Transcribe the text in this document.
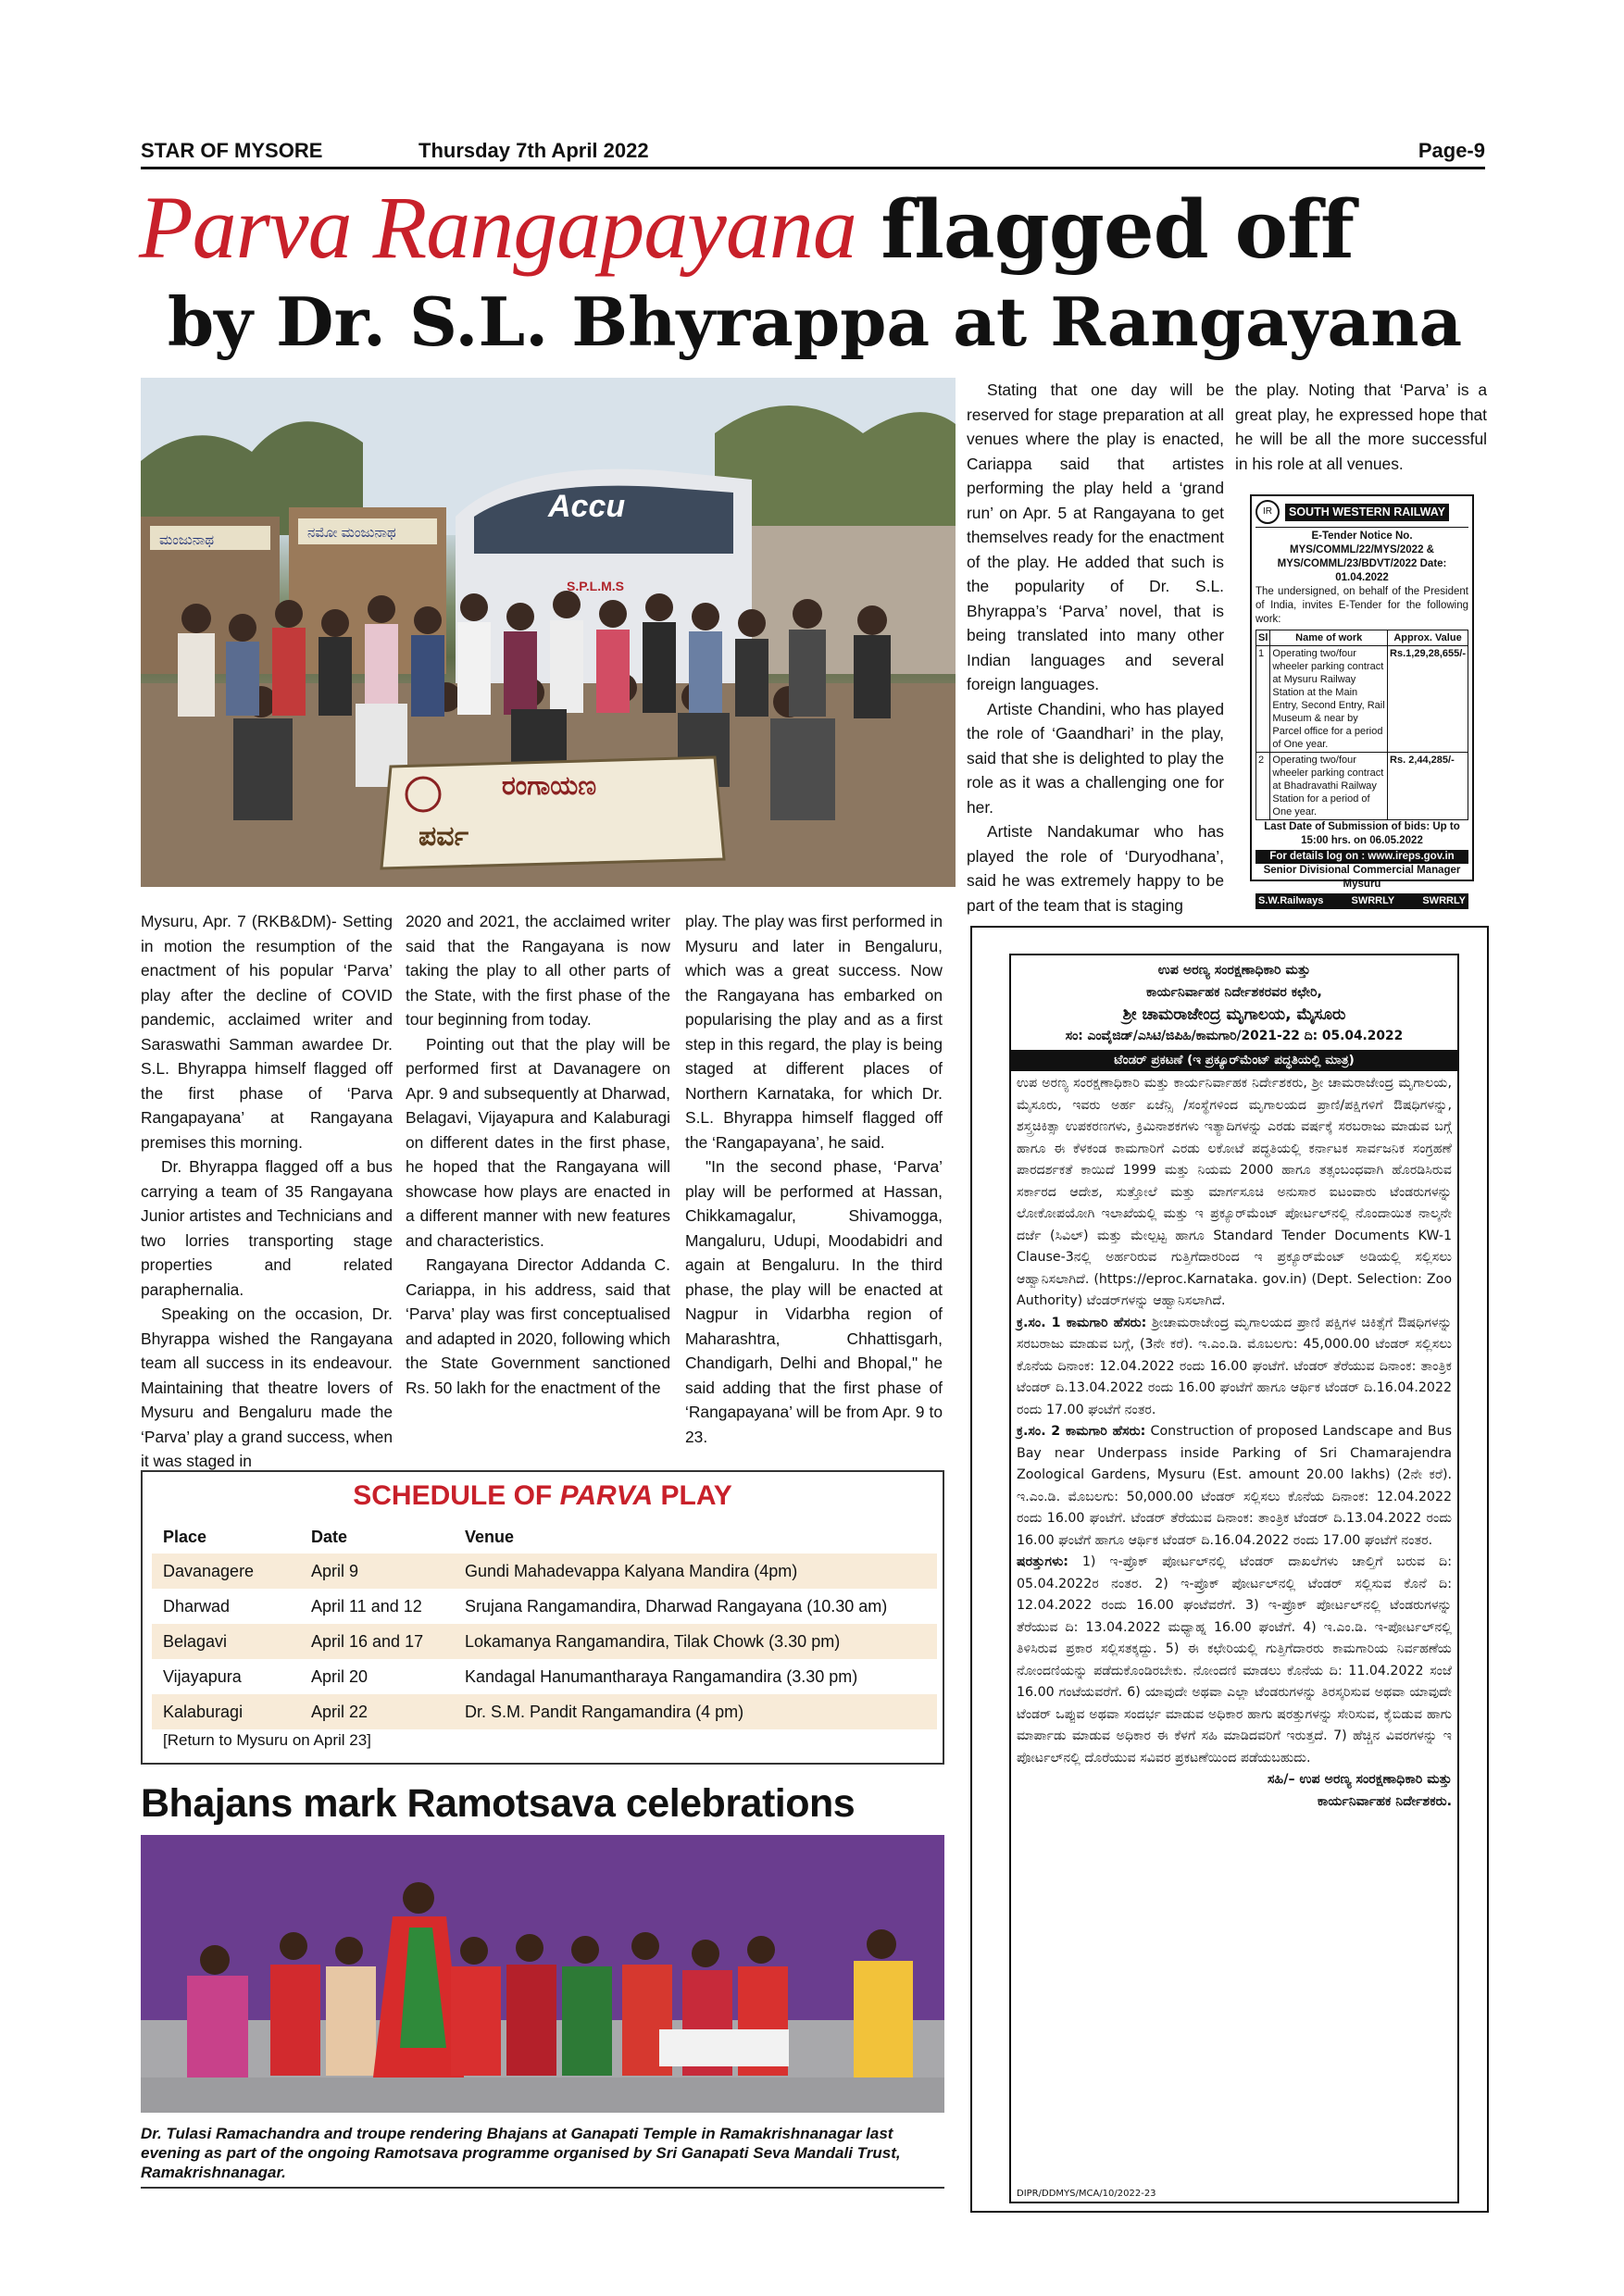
STAR OF MYSORE	Thursday 7th April 2022	Page-9
Parva Rangapayana flagged off
by Dr. S.L. Bhyrappa at Rangayana
ಮಂಜುನಾಥ	ನಮೋ ಮಂಜುನಾಥ
Accu
S.P.L.M.S
ರಂಗಾಯಣ
ಪರ್ವ

Mysuru, Apr. 7 (RKB&DM)- Setting in motion the resumption of the enactment of his popular ‘Parva’ play after the decline of COVID pandemic, acclaimed writer and Saraswathi Samman awardee Dr. S.L. Bhyrappa himself flagged off the first phase of ‘Parva Rangapayana’ at Rangayana premises this morning.

Dr. Bhyrappa flagged off a bus carrying a team of 35 Rangayana Junior artistes and Technicians and two lorries transporting stage properties and related paraphernalia.

Speaking on the occasion, Dr. Bhyrappa wished the Rangayana team all success in its endeavour. Maintaining that theatre lovers of Mysuru and Bengaluru made the ‘Parva’ play a grand success, when it was staged in

2020 and 2021, the acclaimed writer said that the Rangayana is now taking the play to all other parts of the State, with the first phase of the tour beginning from today.

Pointing out that the play will be performed first at Davanagere on Apr. 9 and subsequently at Dharwad, Belagavi, Vijayapura and Kalaburagi on different dates in the first phase, he hoped that the Rangayana will showcase how plays are enacted in a different manner with new features and characteristics.

Rangayana Director Addanda C. Cariappa, in his address, said that ‘Parva’ play was first conceptualised and adapted in 2020, following which the State Government sanctioned Rs. 50 lakh for the enactment of the

play. The play was first performed in Mysuru and later in Bengaluru, which was a great success. Now the Rangayana has embarked on popularising the play and as a first step in this regard, the play is being staged at different places of Northern Karnataka, for which Dr. S.L. Bhyrappa himself flagged off the ‘Rangapayana’, he said.

"In the second phase, ‘Parva’ play will be performed at Hassan, Chikkamagalur, Shivamogga, Mangaluru, Udupi, Moodabidri and again at Bengaluru. In the third phase, the play will be enacted at Nagpur in Vidarbha region of Maharashtra, Chhattisgarh, Chandigarh, Delhi and Bhopal," he said adding that the first phase of ‘Rangapayana’ will be from Apr. 9 to 23.

Stating that one day will be reserved for stage preparation at all venues where the play is enacted, Cariappa said that artistes performing the play held a ‘grand run’ on Apr. 5 at Rangayana to get themselves ready for the enactment of the play. He added that such is the popularity of Dr. S.L. Bhyrappa’s ‘Parva’ novel, that is being translated into many other Indian languages and several foreign languages.

Artiste Chandini, who has played the role of ‘Gaandhari’ in the play, said that she is delighted to play the role as it was a challenging one for her.

Artiste Nandakumar who has played the role of ‘Duryodhana’, said he was extremely happy to be part of the team that is staging

the play. Noting that ‘Parva’ is a great play, he expressed hope that he will be all the more successful in his role at all venues.

IR	SOUTH WESTERN RAILWAY
E-Tender Notice No. MYS/COMML/22/MYS/2022 & MYS/COMML/23/BDVT/2022 Date: 01.04.2022
The undersigned, on behalf of the President of India, invites E-Tender for the following work:
Sl	Name of work	Approx. Value
1	Operating two/four wheeler parking contract at Mysuru Railway Station at the Main Entry, Second Entry, Rail Museum & near by Parcel office for a period of One year.	Rs.1,29,28,655/-
2	Operating two/four wheeler parking contract at Bhadravathi Railway Station for a period of One year.	Rs. 2,44,285/-
Last Date of Submission of bids: Up to 15:00 hrs. on 06.05.2022
For details log on : www.ireps.gov.in
Senior Divisional Commercial Manager Mysuru
S.W.Railways	SWRRLY	SWRRLY
SCHEDULE OF PARVA PLAY
Place	Date	Venue
Davanagere	April 9	Gundi Mahadevappa Kalyana Mandira (4pm)
Dharwad	April 11 and 12	Srujana Rangamandira, Dharwad Rangayana (10.30 am)
Belagavi	April 16 and 17	Lokamanya Rangamandira, Tilak Chowk (3.30 pm)
Vijayapura	April 20	Kandagal Hanumantharaya Rangamandira (3.30 pm)
Kalaburagi	April 22	Dr. S.M. Pandit Rangamandira (4 pm)
[Return to Mysuru on April 23]
Bhajans mark Ramotsava celebrations
Dr. Tulasi Ramachandra and troupe rendering Bhajans at Ganapati Temple in Ramakrishnanagar last evening as part of the ongoing Ramotsava programme organised by Sri Ganapati Seva Mandali Trust, Ramakrishnanagar.
ಉಪ ಅರಣ್ಯ ಸಂರಕ್ಷಣಾಧಿಕಾರಿ ಮತ್ತು
ಕಾರ್ಯನಿರ್ವಾಹಕ ನಿರ್ದೇಶಕರವರ ಕಛೇರಿ,
ಶ್ರೀ ಚಾಮರಾಜೇಂದ್ರ ಮೃಗಾಲಯ, ಮೈಸೂರು
ಸಂ: ಎಂವೈಜಿಡ್/ಎಸಿಟಿ/ಜಿಪಿಹಿ/ಕಾಮಗಾರಿ/2021-22 ದಿ: 05.04.2022
ಟೆಂಡರ್ ಪ್ರಕಟಣೆ (ಇ ಪ್ರಕ್ಯೂರ್‌ಮೆಂಟ್ ಪದ್ಧತಿಯಲ್ಲಿ ಮಾತ್ರ)
ಉಪ ಅರಣ್ಯ ಸಂರಕ್ಷಣಾಧಿಕಾರಿ ಮತ್ತು ಕಾರ್ಯನಿರ್ವಾಹಕ ನಿರ್ದೇಶಕರು, ಶ್ರೀ ಚಾಮರಾಜೇಂದ್ರ ಮೃಗಾಲಯ, ಮೈಸೂರು, ಇವರು ಅರ್ಹ ಏಜೆನ್ಸಿ /ಸಂಸ್ಥೆಗಳಿಂದ ಮೃಗಾಲಯದ ಪ್ರಾಣಿ/ಪಕ್ಷಿಗಳಿಗೆ ಔಷಧಿಗಳನ್ನು, ಶಸ್ತ್ರಚಿಕಿತ್ಸಾ ಉಪಕರಣಗಳು, ಕ್ರಿಮಿನಾಶಕಗಳು ಇತ್ಯಾದಿಗಳನ್ನು ಎರಡು ವರ್ಷಕ್ಕೆ ಸರಬರಾಜು ಮಾಡುವ ಬಗ್ಗೆ ಹಾಗೂ ಈ ಕೆಳಕಂಡ ಕಾಮಗಾರಿಗೆ ಎರಡು ಲಕೋಟೆ ಪದ್ಧತಿಯಲ್ಲಿ ಕರ್ನಾಟಕ ಸಾರ್ವಜನಿಕ ಸಂಗ್ರಹಣೆ ಪಾರದರ್ಶಕತೆ ಕಾಯಿದೆ 1999 ಮತ್ತು ನಿಯಮ 2000 ಹಾಗೂ ತತ್ಸಂಬಂಧವಾಗಿ ಹೊರಡಿಸಿರುವ ಸರ್ಕಾರದ ಆದೇಶ, ಸುತ್ತೋಲೆ ಮತ್ತು ಮಾರ್ಗಸೂಚಿ ಅನುಸಾರ ಐಟಂವಾರು ಟೆಂಡರುಗಳನ್ನು ಲೋಕೋಪಯೋಗಿ ಇಲಾಖೆಯಲ್ಲಿ ಮತ್ತು ಇ ಪ್ರಕ್ಯೂರ್‌ಮೆಂಟ್ ಪೋರ್ಟಲ್‌ನಲ್ಲಿ ನೊಂದಾಯಿತ ನಾಲ್ಕನೇ ದರ್ಜೆ (ಸಿವಿಲ್) ಮತ್ತು ಮೇಲ್ಪಟ್ಟ ಹಾಗೂ Standard Tender Documents KW-1 Clause-3ನಲ್ಲಿ ಅರ್ಹರಿರುವ ಗುತ್ತಿಗೆದಾರರಿಂದ ಇ ಪ್ರಕ್ಯೂರ್‌ಮೆಂಟ್ ಅಡಿಯಲ್ಲಿ ಸಲ್ಲಿಸಲು ಆಹ್ವಾನಿಸಲಾಗಿದೆ. (https://eproc.Karnataka. gov.in) (Dept. Selection: Zoo Authority) ಟೆಂಡರ್‌ಗಳನ್ನು ಆಹ್ವಾನಿಸಲಾಗಿದೆ.
ಕ್ರ.ಸಂ. 1 ಕಾಮಗಾರಿ ಹೆಸರು: ಶ್ರೀಚಾಮರಾಜೇಂದ್ರ ಮೃಗಾಲಯದ ಪ್ರಾಣಿ ಪಕ್ಷಿಗಳ ಚಿಕಿತ್ಸೆಗೆ ಔಷಧಿಗಳನ್ನು ಸರಬರಾಜು ಮಾಡುವ ಬಗ್ಗೆ, (3ನೇ ಕರೆ). ಇ.ಎಂ.ಡಿ. ಮೊಬಲಗು: 45,000.00 ಟೆಂಡರ್ ಸಲ್ಲಿಸಲು ಕೊನೆಯ ದಿನಾಂಕ: 12.04.2022 ರಂದು 16.00 ಘಂಟೆಗೆ. ಟೆಂಡರ್ ತೆರೆಯುವ ದಿನಾಂಕ: ತಾಂತ್ರಿಕ ಟೆಂಡರ್ ದಿ.13.04.2022 ರಂದು 16.00 ಘಂಟೆಗೆ ಹಾಗೂ ಆರ್ಥಿಕ ಟೆಂಡರ್ ದಿ.16.04.2022 ರಂದು 17.00 ಘಂಟೆಗೆ ನಂತರ.
ಕ್ರ.ಸಂ. 2 ಕಾಮಗಾರಿ ಹೆಸರು: Construction of proposed Landscape and Bus Bay near Underpass inside Parking of Sri Chamarajendra Zoological Gardens, Mysuru (Est. amount 20.00 lakhs) (2ನೇ ಕರೆ). ಇ.ಎಂ.ಡಿ. ಮೊಬಲಗು: 50,000.00 ಟೆಂಡರ್ ಸಲ್ಲಿಸಲು ಕೊನೆಯ ದಿನಾಂಕ: 12.04.2022 ರಂದು 16.00 ಘಂಟೆಗೆ. ಟೆಂಡರ್ ತೆರೆಯುವ ದಿನಾಂಕ: ತಾಂತ್ರಿಕ ಟೆಂಡರ್ ದಿ.13.04.2022 ರಂದು 16.00 ಘಂಟೆಗೆ ಹಾಗೂ ಆರ್ಥಿಕ ಟೆಂಡರ್ ದಿ.16.04.2022 ರಂದು 17.00 ಘಂಟೆಗೆ ನಂತರ.
ಷರತ್ತುಗಳು: 1) ಇ-ಪ್ರೊಕ್ ಪೋರ್ಟಲ್‌ನಲ್ಲಿ ಟೆಂಡರ್ ದಾಖಲೆಗಳು ಚಾಲ್ತಿಗೆ ಬರುವ ದಿ: 05.04.2022ರ ನಂತರ. 2) ಇ-ಪ್ರೊಕ್ ಪೋರ್ಟಲ್‌ನಲ್ಲಿ ಟೆಂಡರ್ ಸಲ್ಲಿಸುವ ಕೊನೆ ದಿ: 12.04.2022 ರಂದು 16.00 ಘಂಟೆವರೆಗೆ. 3) ಇ-ಪ್ರೊಕ್ ಪೋರ್ಟಲ್‌ನಲ್ಲಿ ಟೆಂಡರುಗಳನ್ನು ತೆರೆಯುವ ದಿ: 13.04.2022 ಮಧ್ಯಾಹ್ನ 16.00 ಘಂಟೆಗೆ. 4) ಇ.ಎಂ.ಡಿ. ಇ-ಪೋರ್ಟಲ್‌ನಲ್ಲಿ ತಿಳಿಸಿರುವ ಪ್ರಕಾರ ಸಲ್ಲಿಸತಕ್ಕದ್ದು. 5) ಈ ಕಛೇರಿಯಲ್ಲಿ ಗುತ್ತಿಗೆದಾರರು ಕಾಮಗಾರಿಯ ನಿರ್ವಹಣೆಯ ನೋಂದಣಿಯನ್ನು ಪಡೆದುಕೊಂಡಿರಬೇಕು. ನೋಂದಣಿ ಮಾಡಲು ಕೊನೆಯ ದಿ: 11.04.2022 ಸಂಜೆ 16.00 ಗಂಟೆಯವರೆಗೆ. 6) ಯಾವುದೇ ಅಥವಾ ಎಲ್ಲಾ ಟೆಂಡರುಗಳನ್ನು ತಿರಸ್ಕರಿಸುವ ಅಥವಾ ಯಾವುದೇ ಟೆಂಡರ್ ಒಪ್ಪುವ ಅಥವಾ ಸಂದರ್ಭ ಮಾಡುವ ಅಧಿಕಾರ ಹಾಗು ಷರತ್ತುಗಳನ್ನು ಸೇರಿಸುವ, ಕೈಬಿಡುವ ಹಾಗು ಮಾರ್ಪಾಡು ಮಾಡುವ ಅಧಿಕಾರ ಈ ಕೆಳಗೆ ಸಹಿ ಮಾಡಿದವರಿಗೆ ಇರುತ್ತದೆ. 7) ಹೆಚ್ಚಿನ ವಿವರಗಳನ್ನು ಇ ಪೋರ್ಟಲ್‌ನಲ್ಲಿ ದೊರೆಯುವ ಸವಿವರ ಪ್ರಕಟಣೆಯಿಂದ ಪಡೆಯಬಹುದು.
ಸಹಿ/– ಉಪ ಅರಣ್ಯ ಸಂರಕ್ಷಣಾಧಿಕಾರಿ ಮತ್ತು
ಕಾರ್ಯನಿರ್ವಾಹಕ ನಿರ್ದೇಶಕರು.
DIPR/DDMYS/MCA/10/2022-23
